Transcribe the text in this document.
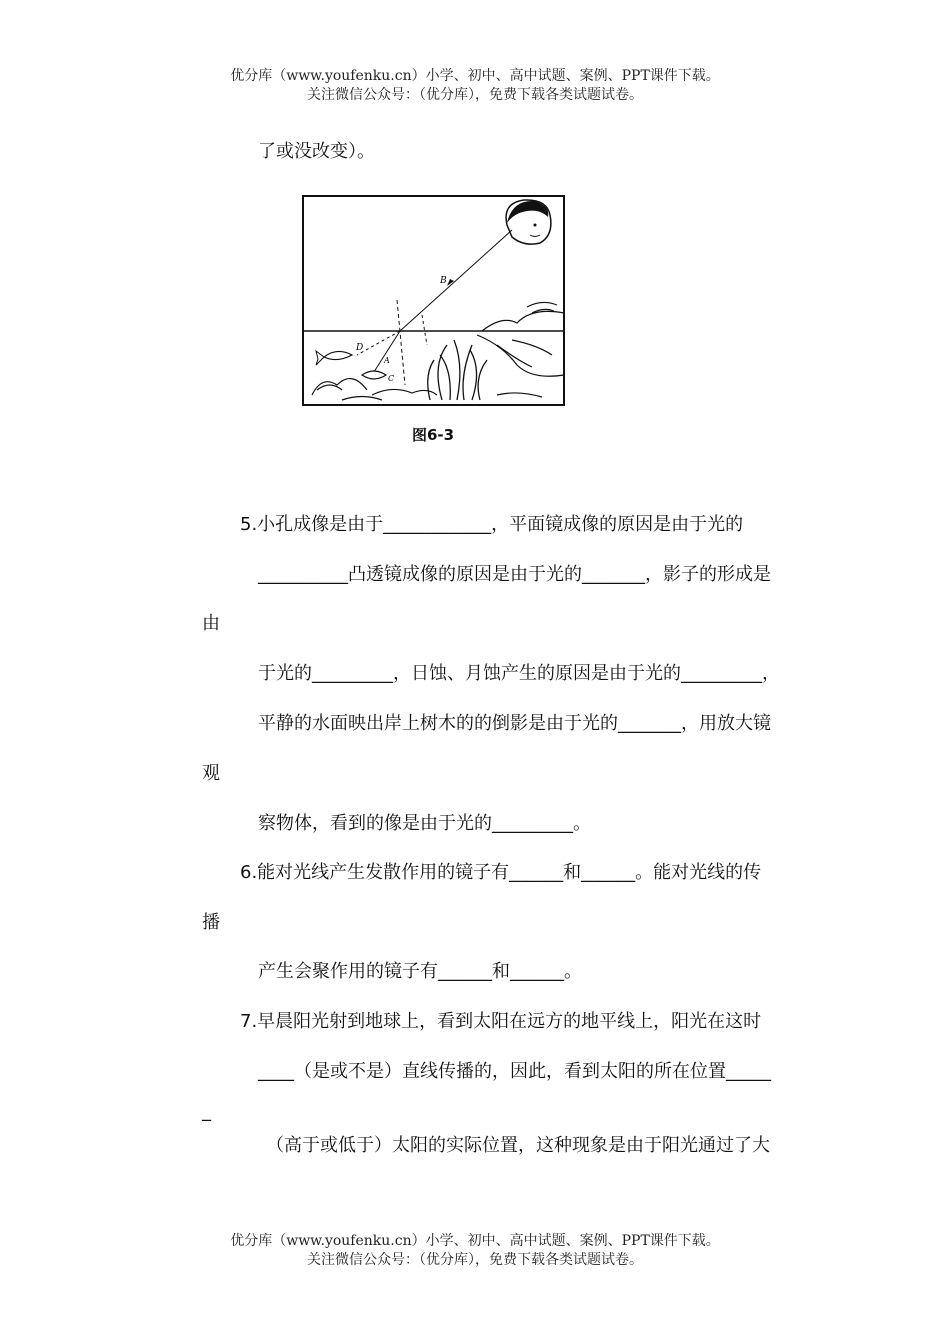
优分库（www.youfenku.cn）小学、初中、高中试题、案例、PPT课件下载。
关注微信公众号：（优分库），免费下载各类试题试卷。
了或没改变）。
B
D
A
C
图6-3
5.小孔成像是由于____________，平面镜成像的原因是由于光的
__________凸透镜成像的原因是由于光的_______，影子的形成是
由
于光的_________，日蚀、月蚀产生的原因是由于光的_________，
平静的水面映出岸上树木的的倒影是由于光的_______，用放大镜
观
察物体，看到的像是由于光的_________。
6.能对光线产生发散作用的镜子有______和______。能对光线的传
播
产生会聚作用的镜子有______和______。
7.早晨阳光射到地球上，看到太阳在远方的地平线上，阳光在这时
____（是或不是）直线传播的，因此，看到太阳的所在位置_____
_
（高于或低于）太阳的实际位置，这种现象是由于阳光通过了大
优分库（www.youfenku.cn）小学、初中、高中试题、案例、PPT课件下载。
关注微信公众号：（优分库），免费下载各类试题试卷。
